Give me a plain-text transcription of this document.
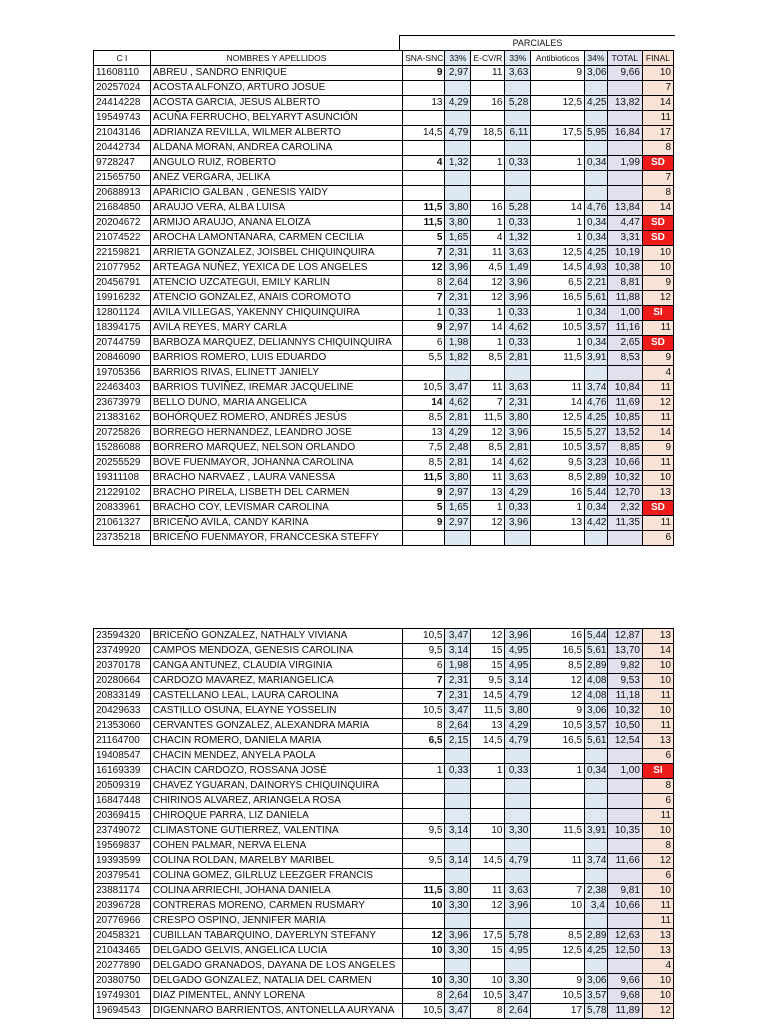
PARCIALES
C I	NOMBRES Y APELLIDOS	SNA-SNC	33%	E-CV/R	33%	Antibioticos	34%	TOTAL	FINAL
11608110	ABREU , SANDRO ENRIQUE	9	2,97	11	3,63	9	3,06	9,66	10
20257024	ACOSTA ALFONZO, ARTURO JOSUE								7
24414228	ACOSTA GARCIA, JESUS ALBERTO	13	4,29	16	5,28	12,5	4,25	13,82	14
19549743	ACUÑA FERRUCHO, BELYARYT ASUNCIÓN								11
21043146	ADRIANZA REVILLA, WILMER ALBERTO	14,5	4,79	18,5	6,11	17,5	5,95	16,84	17
20442734	ALDANA MORAN, ANDREA CAROLINA								8
9728247	ANGULO RUIZ, ROBERTO	4	1,32	1	0,33	1	0,34	1,99	SD
21565750	ANEZ VERGARA, JELIKA								7
20688913	APARICIO GALBAN , GENESIS YAIDY								8
21684850	ARAUJO VERA, ALBA LUISA	11,5	3,80	16	5,28	14	4,76	13,84	14
20204672	ARMIJO ARAUJO, ANANA ELOIZA	11,5	3,80	1	0,33	1	0,34	4,47	SD
21074522	AROCHA LAMONTANARA, CARMEN CECILIA	5	1,65	4	1,32	1	0,34	3,31	SD
22159821	ARRIETA GONZALEZ, JOISBEL CHIQUINQUIRA	7	2,31	11	3,63	12,5	4,25	10,19	10
21077952	ARTEAGA NUÑEZ, YEXICA DE LOS ANGELES	12	3,96	4,5	1,49	14,5	4,93	10,38	10
20456791	ATENCIO UZCATEGUI, EMILY KARLIN	8	2,64	12	3,96	6,5	2,21	8,81	9
19916232	ATENCIO GONZALEZ, ANAIS COROMOTO	7	2,31	12	3,96	16,5	5,61	11,88	12
12801124	AVILA VILLEGAS, YAKENNY CHIQUINQUIRA	1	0,33	1	0,33	1	0,34	1,00	SI
18394175	AVILA REYES, MARY CARLA	9	2,97	14	4,62	10,5	3,57	11,16	11
20744759	BARBOZA MARQUEZ, DELIANNYS CHIQUINQUIRA	6	1,98	1	0,33	1	0,34	2,65	SD
20846090	BARRIOS ROMERO, LUIS EDUARDO	5,5	1,82	8,5	2,81	11,5	3,91	8,53	9
19705356	BARRIOS RIVAS, ELINETT JANIELY								4
22463403	BARRIOS TUVIÑEZ, IREMAR JACQUELINE	10,5	3,47	11	3,63	11	3,74	10,84	11
23673979	BELLO DUNO, MARIA ANGELICA	14	4,62	7	2,31	14	4,76	11,69	12
21383162	BOHÓRQUEZ ROMERO, ANDRÉS JESÚS	8,5	2,81	11,5	3,80	12,5	4,25	10,85	11
20725826	BORREGO HERNANDEZ, LEANDRO JOSE	13	4,29	12	3,96	15,5	5,27	13,52	14
15286088	BORRERO MARQUEZ, NELSON ORLANDO	7,5	2,48	8,5	2,81	10,5	3,57	8,85	9
20255529	BOVE FUENMAYOR, JOHANNA CAROLINA	8,5	2,81	14	4,62	9,5	3,23	10,66	11
19311108	BRACHO NARVAEZ , LAURA VANESSA	11,5	3,80	11	3,63	8,5	2,89	10,32	10
21229102	BRACHO PIRELA, LISBETH DEL CARMEN	9	2,97	13	4,29	16	5,44	12,70	13
20833961	BRACHO COY, LEVISMAR CAROLINA	5	1,65	1	0,33	1	0,34	2,32	SD
21061327	BRICEÑO AVILA, CANDY KARINA	9	2,97	12	3,96	13	4,42	11,35	11
23735218	BRICEÑO FUENMAYOR, FRANCCESKA STEFFY								6
23594320	BRICEÑO GONZALEZ, NATHALY VIVIANA	10,5	3,47	12	3,96	16	5,44	12,87	13
23749920	CAMPOS MENDOZA, GENESIS CAROLINA	9,5	3,14	15	4,95	16,5	5,61	13,70	14
20370178	CANGA ANTUNEZ, CLAUDIA VIRGINIA	6	1,98	15	4,95	8,5	2,89	9,82	10
20280664	CARDOZO MAVAREZ, MARIANGELICA	7	2,31	9,5	3,14	12	4,08	9,53	10
20833149	CASTELLANO LEAL, LAURA CAROLINA	7	2,31	14,5	4,79	12	4,08	11,18	11
20429633	CASTILLO OSUNA, ELAYNE YOSSELIN	10,5	3,47	11,5	3,80	9	3,06	10,32	10
21353060	CERVANTES GONZALEZ, ALEXANDRA MARIA	8	2,64	13	4,29	10,5	3,57	10,50	11
21164700	CHACIN ROMERO, DANIELA MARIA	6,5	2,15	14,5	4,79	16,5	5,61	12,54	13
19408547	CHACIN MENDEZ, ANYELA PAOLA								6
16169339	CHACIN CARDOZO, ROSSANA JOSÉ	1	0,33	1	0,33	1	0,34	1,00	SI
20509319	CHAVEZ YGUARAN, DAINORYS CHIQUINQUIRA								8
16847448	CHIRINOS ALVAREZ, ARIANGELA ROSA								6
20369415	CHIROQUE PARRA, LIZ DANIELA								11
23749072	CLIMASTONE GUTIERREZ, VALENTINA	9,5	3,14	10	3,30	11,5	3,91	10,35	10
19569837	COHEN PALMAR, NERVA ELENA								8
19393599	COLINA ROLDAN, MARELBY MARIBEL	9,5	3,14	14,5	4,79	11	3,74	11,66	12
20379541	COLINA GOMEZ, GILRLUZ LEEZGER FRANCIS								6
23881174	COLINA ARRIECHI, JOHANA DANIELA	11,5	3,80	11	3,63	7	2,38	9,81	10
20396728	CONTRERAS MORENO, CARMEN RUSMARY	10	3,30	12	3,96	10	3,4	10,66	11
20776966	CRESPO OSPINO, JENNIFER MARIA								11
20458321	CUBILLAN TABARQUINO, DAYERLYN STEFANY	12	3,96	17,5	5,78	8,5	2,89	12,63	13
21043465	DELGADO GELVIS, ANGELICA LUCIA	10	3,30	15	4,95	12,5	4,25	12,50	13
20277890	DELGADO GRANADOS, DAYANA DE LOS ANGELES								4
20380750	DELGADO GONZALEZ, NATALIA DEL CARMEN	10	3,30	10	3,30	9	3,06	9,66	10
19749301	DIAZ PIMENTEL, ANNY LORENA	8	2,64	10,5	3,47	10,5	3,57	9,68	10
19694543	DIGENNARO BARRIENTOS, ANTONELLA AURYANA	10,5	3,47	8	2,64	17	5,78	11,89	12
